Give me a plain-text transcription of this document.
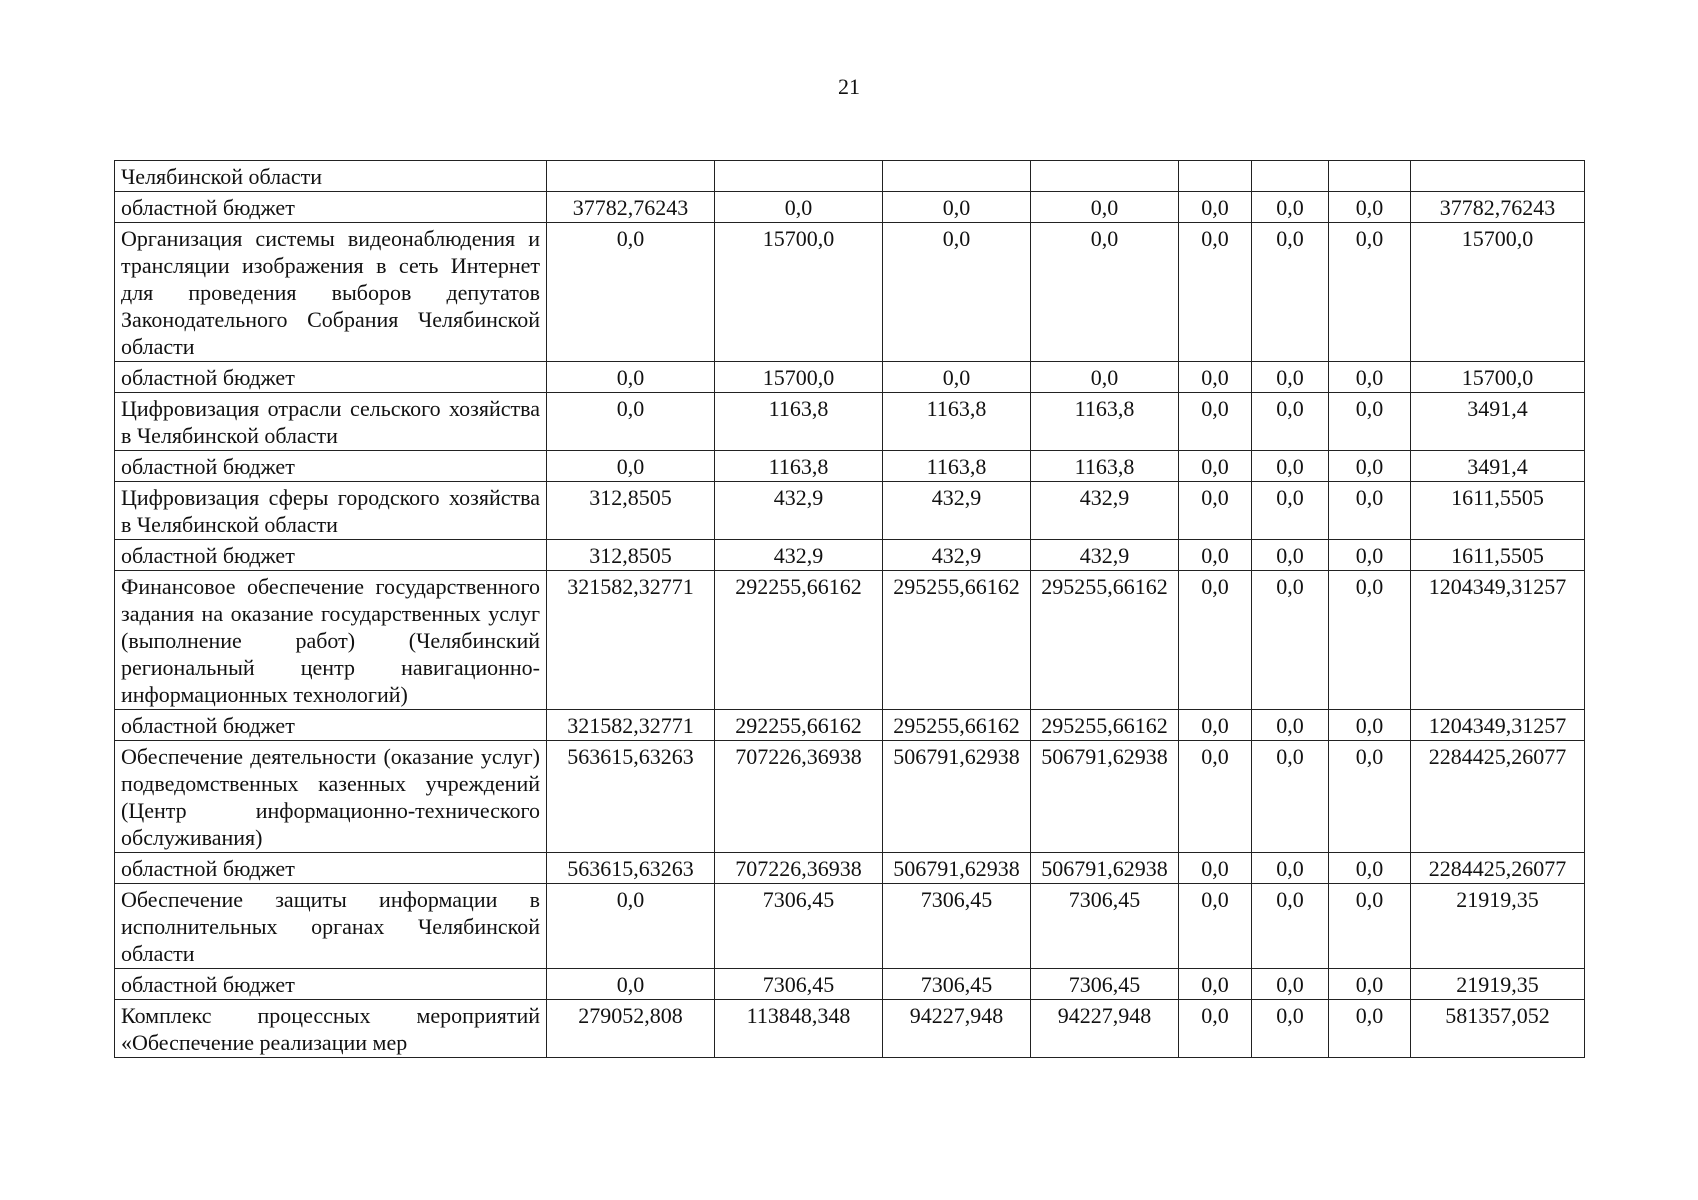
21
Челябинской области								
областной бюджет	37782,76243	0,0	0,0	0,0	0,0	0,0	0,0	37782,76243
Организация системы видеонаблюдения и трансляции изображения в сеть Интернет для проведения выборов депутатов Законодательного Собрания Челябинской области	0,0	15700,0	0,0	0,0	0,0	0,0	0,0	15700,0
областной бюджет	0,0	15700,0	0,0	0,0	0,0	0,0	0,0	15700,0
Цифровизация отрасли сельского хозяйства в Челябинской области	0,0	1163,8	1163,8	1163,8	0,0	0,0	0,0	3491,4
областной бюджет	0,0	1163,8	1163,8	1163,8	0,0	0,0	0,0	3491,4
Цифровизация сферы городского хозяйства в Челябинской области	312,8505	432,9	432,9	432,9	0,0	0,0	0,0	1611,5505
областной бюджет	312,8505	432,9	432,9	432,9	0,0	0,0	0,0	1611,5505
Финансовое обеспечение государственного задания на оказание государственных услуг (выполнение работ) (Челябинский региональный центр навигационно-информационных технологий)	321582,32771	292255,66162	295255,66162	295255,66162	0,0	0,0	0,0	1204349,31257
областной бюджет	321582,32771	292255,66162	295255,66162	295255,66162	0,0	0,0	0,0	1204349,31257
Обеспечение деятельности (оказание услуг) подведомственных казенных учреждений (Центр информационно-технического обслуживания)	563615,63263	707226,36938	506791,62938	506791,62938	0,0	0,0	0,0	2284425,26077
областной бюджет	563615,63263	707226,36938	506791,62938	506791,62938	0,0	0,0	0,0	2284425,26077
Обеспечение защиты информации в исполнительных органах Челябинской области	0,0	7306,45	7306,45	7306,45	0,0	0,0	0,0	21919,35
областной бюджет	0,0	7306,45	7306,45	7306,45	0,0	0,0	0,0	21919,35
Комплекс процессных мероприятий «Обеспечение реализации мер	279052,808	113848,348	94227,948	94227,948	0,0	0,0	0,0	581357,052
